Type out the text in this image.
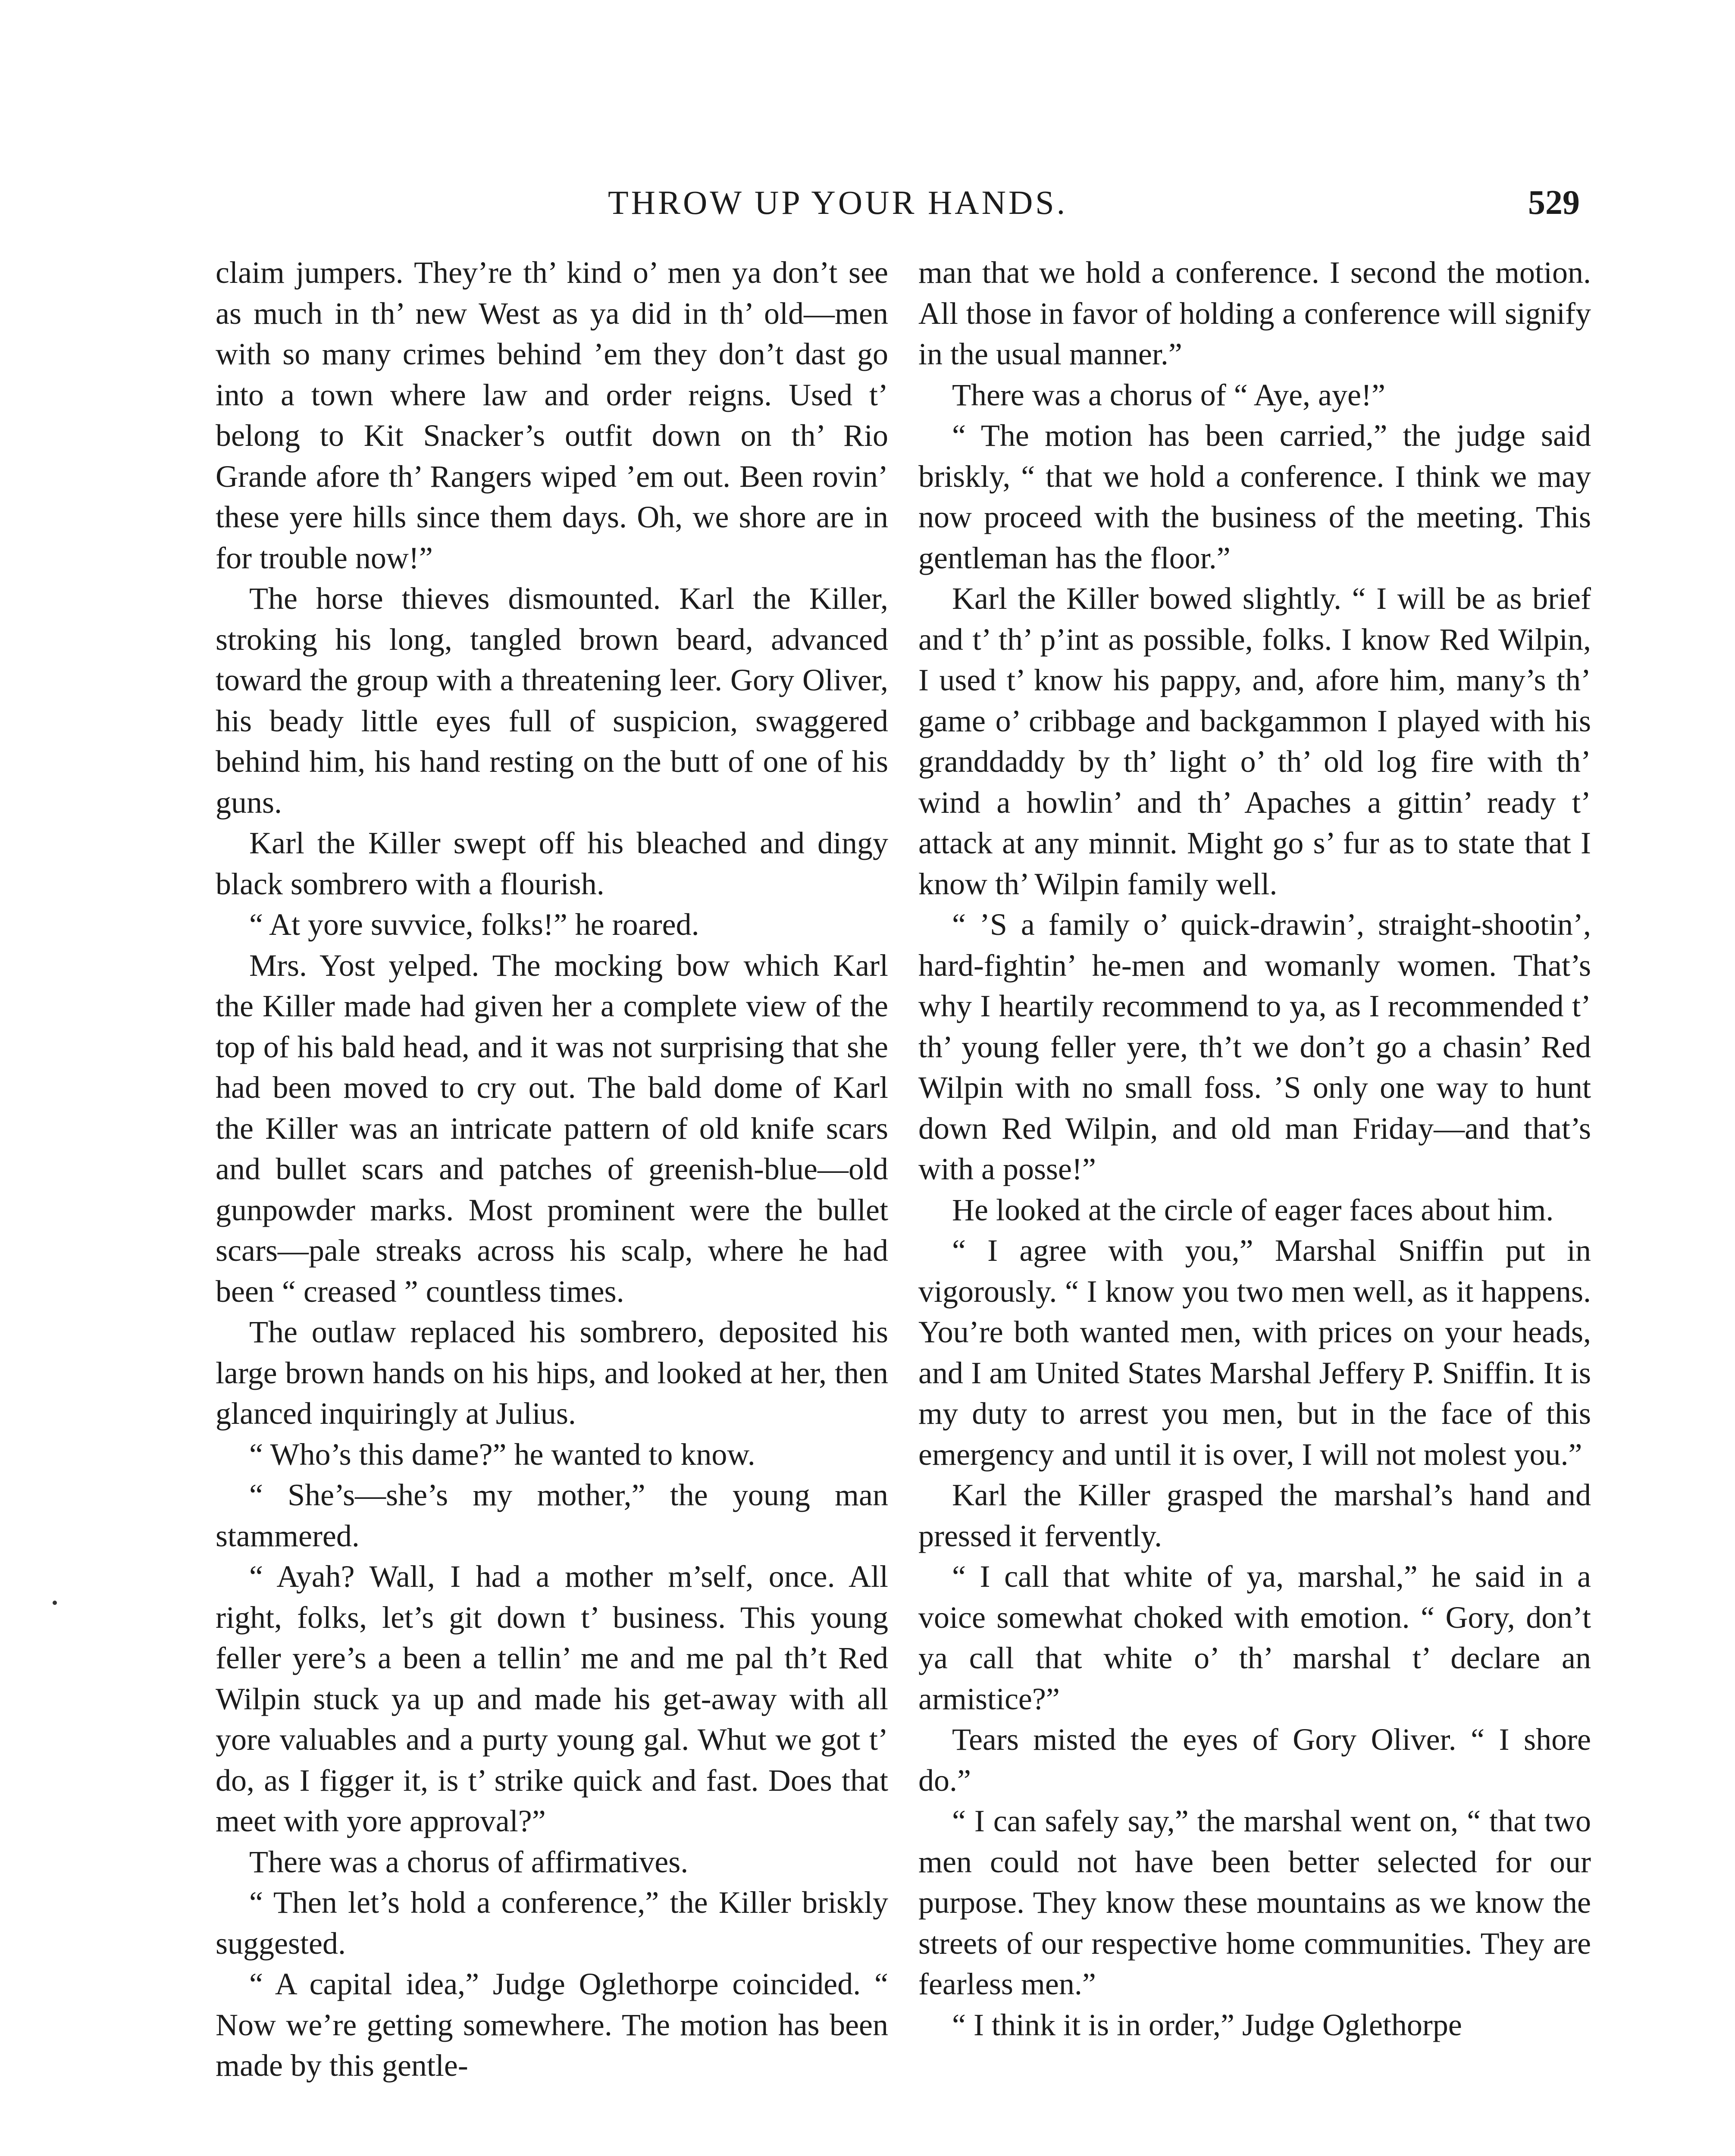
THROW UP YOUR HANDS.	529

claim jumpers. They’re th’ kind o’ men ya don’t see as much in th’ new West as ya did in th’ old—men with so many crimes behind ’em they don’t dast go into a town where law and order reigns. Used t’ belong to Kit Snacker’s outfit down on th’ Rio Grande afore th’ Rangers wiped ’em out. Been rovin’ these yere hills since them days. Oh, we shore are in for trouble now!”

The horse thieves dismounted. Karl the Killer, stroking his long, tangled brown beard, advanced toward the group with a threatening leer. Gory Oliver, his beady little eyes full of suspicion, swaggered behind him, his hand resting on the butt of one of his guns.

Karl the Killer swept off his bleached and dingy black sombrero with a flourish.

“ At yore suvvice, folks!” he roared.

Mrs. Yost yelped. The mocking bow which Karl the Killer made had given her a complete view of the top of his bald head, and it was not surprising that she had been moved to cry out. The bald dome of Karl the Killer was an intricate pattern of old knife scars and bullet scars and patches of greenish-blue—old gunpowder marks. Most prominent were the bullet scars—pale streaks across his scalp, where he had been “ creased ” countless times.

The outlaw replaced his sombrero, deposited his large brown hands on his hips, and looked at her, then glanced inquiringly at Julius.

“ Who’s this dame?” he wanted to know.

“ She’s—she’s my mother,” the young man stammered.

“ Ayah? Wall, I had a mother m’self, once. All right, folks, let’s git down t’ business. This young feller yere’s a been a tellin’ me and me pal th’t Red Wilpin stuck ya up and made his get-away with all yore valuables and a purty young gal. Whut we got t’ do, as I figger it, is t’ strike quick and fast. Does that meet with yore approval?”

There was a chorus of affirmatives.

“ Then let’s hold a conference,” the Killer briskly suggested.

“ A capital idea,” Judge Oglethorpe coincided. “ Now we’re getting somewhere. The motion has been made by this gentle-

man that we hold a conference. I second the motion. All those in favor of holding a conference will signify in the usual manner.”

There was a chorus of “ Aye, aye!”

“ The motion has been carried,” the judge said briskly, “ that we hold a conference. I think we may now proceed with the business of the meeting. This gentleman has the floor.”

Karl the Killer bowed slightly. “ I will be as brief and t’ th’ p’int as possible, folks. I know Red Wilpin, I used t’ know his pappy, and, afore him, many’s th’ game o’ cribbage and backgammon I played with his granddaddy by th’ light o’ th’ old log fire with th’ wind a howlin’ and th’ Apaches a gittin’ ready t’ attack at any minnit. Might go s’ fur as to state that I know th’ Wilpin family well.

“ ’S a family o’ quick-drawin’, straight-shootin’, hard-fightin’ he-men and womanly women. That’s why I heartily recommend to ya, as I recommended t’ th’ young feller yere, th’t we don’t go a chasin’ Red Wilpin with no small foss. ’S only one way to hunt down Red Wilpin, and old man Friday—and that’s with a posse!”

He looked at the circle of eager faces about him.

“ I agree with you,” Marshal Sniffin put in vigorously. “ I know you two men well, as it happens. You’re both wanted men, with prices on your heads, and I am United States Marshal Jeffery P. Sniffin. It is my duty to arrest you men, but in the face of this emergency and until it is over, I will not molest you.”

Karl the Killer grasped the marshal’s hand and pressed it fervently.

“ I call that white of ya, marshal,” he said in a voice somewhat choked with emotion. “ Gory, don’t ya call that white o’ th’ marshal t’ declare an armistice?”

Tears misted the eyes of Gory Oliver. “ I shore do.”

“ I can safely say,” the marshal went on, “ that two men could not have been better selected for our purpose. They know these mountains as we know the streets of our respective home communities. They are fearless men.”

“ I think it is in order,” Judge Oglethorpe
